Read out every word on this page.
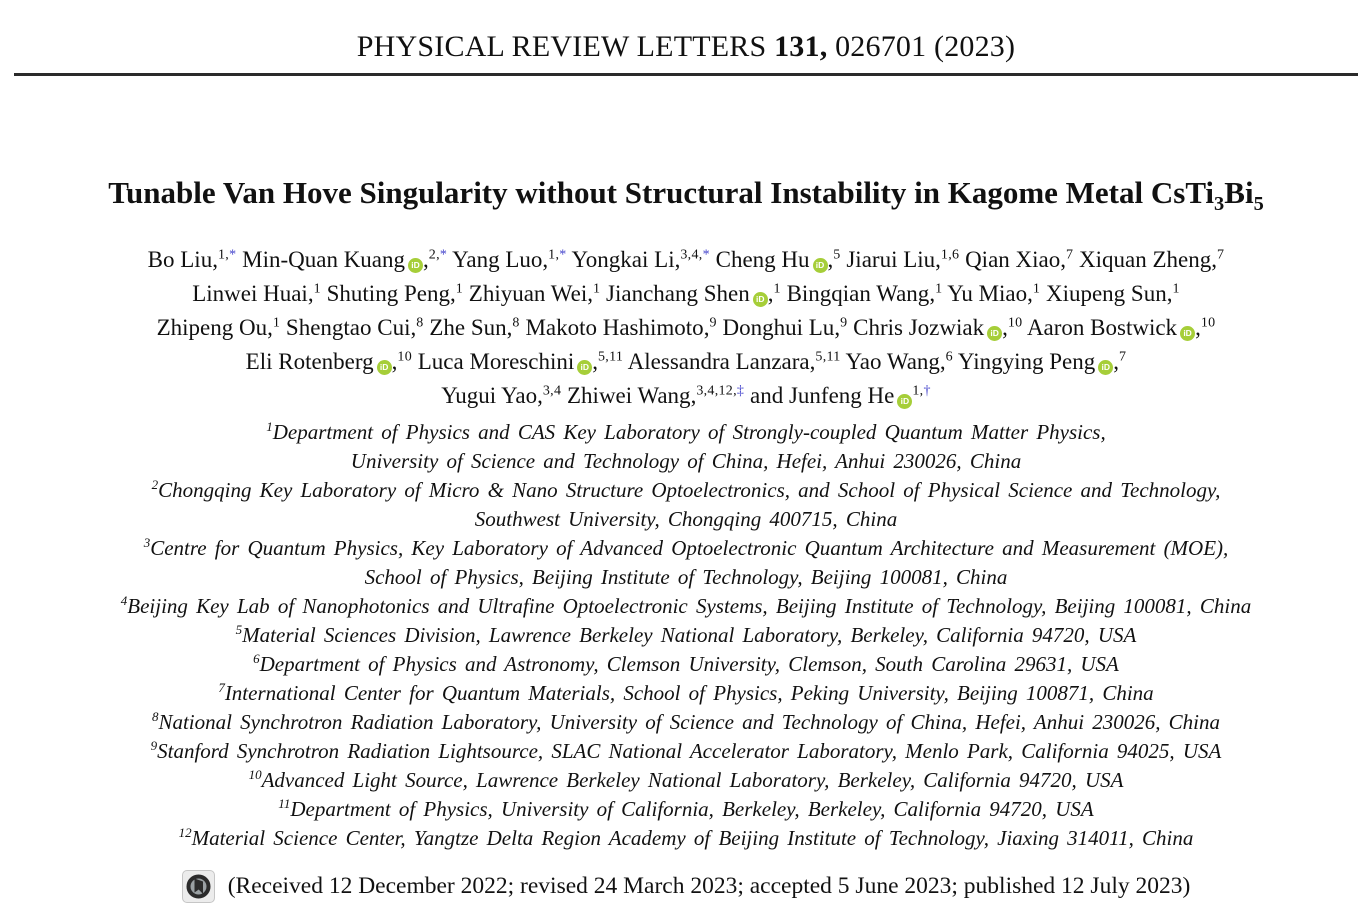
PHYSICAL REVIEW LETTERS 131, 026701 (2023)
Tunable Van Hove Singularity without Structural Instability in Kagome Metal $CsTi_3Bi_5$
Bo Liu,$^{1,*}$ Min-Quan Kuang iD ,$^{2,*}$ Yang Luo,$^{1,*}$ Yongkai Li,$^{3,4,*}$ Cheng Hu iD ,$^5$ Jiarui Liu,$^{1,6}$ Qian Xiao,$^7$ Xiquan Zheng,$^7$
Linwei Huai,$^1$ Shuting Peng,$^1$ Zhiyuan Wei,$^1$ Jianchang Shen iD ,$^1$ Bingqian Wang,$^1$ Yu Miao,$^1$ Xiupeng Sun,$^1$
Zhipeng Ou,$^1$ Shengtao Cui,$^8$ Zhe Sun,$^8$ Makoto Hashimoto,$^9$ Donghui Lu,$^9$ Chris Jozwiak iD ,$^{10}$ Aaron Bostwick iD ,$^{10}$
Eli Rotenberg iD ,$^{10}$ Luca Moreschini iD ,$^{5,11}$ Alessandra Lanzara,$^{5,11}$ Yao Wang,$^6$ Yingying Peng iD ,$^7$
Yugui Yao,$^{3,4}$ Zhiwei Wang,$^{3,4,12,\ddagger}$ and Junfeng He $iD^{1,\dagger}$
$^1$Department of Physics and CAS Key Laboratory of Strongly-coupled Quantum Matter Physics,
University of Science and Technology of China, Hefei, Anhui 230026, China
$^2$Chongqing Key Laboratory of Micro & Nano Structure Optoelectronics, and School of Physical Science and Technology,
Southwest University, Chongqing 400715, China
$^3$Centre for Quantum Physics, Key Laboratory of Advanced Optoelectronic Quantum Architecture and Measurement (MOE),
School of Physics, Beijing Institute of Technology, Beijing 100081, China
$^4$Beijing Key Lab of Nanophotonics and Ultrafine Optoelectronic Systems, Beijing Institute of Technology, Beijing 100081, China
$^5$Material Sciences Division, Lawrence Berkeley National Laboratory, Berkeley, California 94720, USA
$^6$Department of Physics and Astronomy, Clemson University, Clemson, South Carolina 29631, USA
$^7$International Center for Quantum Materials, School of Physics, Peking University, Beijing 100871, China
$^8$National Synchrotron Radiation Laboratory, University of Science and Technology of China, Hefei, Anhui 230026, China
$^9$Stanford Synchrotron Radiation Lightsource, SLAC National Accelerator Laboratory, Menlo Park, California 94025, USA
$^{10}$Advanced Light Source, Lawrence Berkeley National Laboratory, Berkeley, California 94720, USA
$^{11}$Department of Physics, University of California, Berkeley, Berkeley, California 94720, USA
$^{12}$Material Science Center, Yangtze Delta Region Academy of Beijing Institute of Technology, Jiaxing 314011, China
(Received 12 December 2022; revised 24 March 2023; accepted 5 June 2023; published 12 July 2023)
